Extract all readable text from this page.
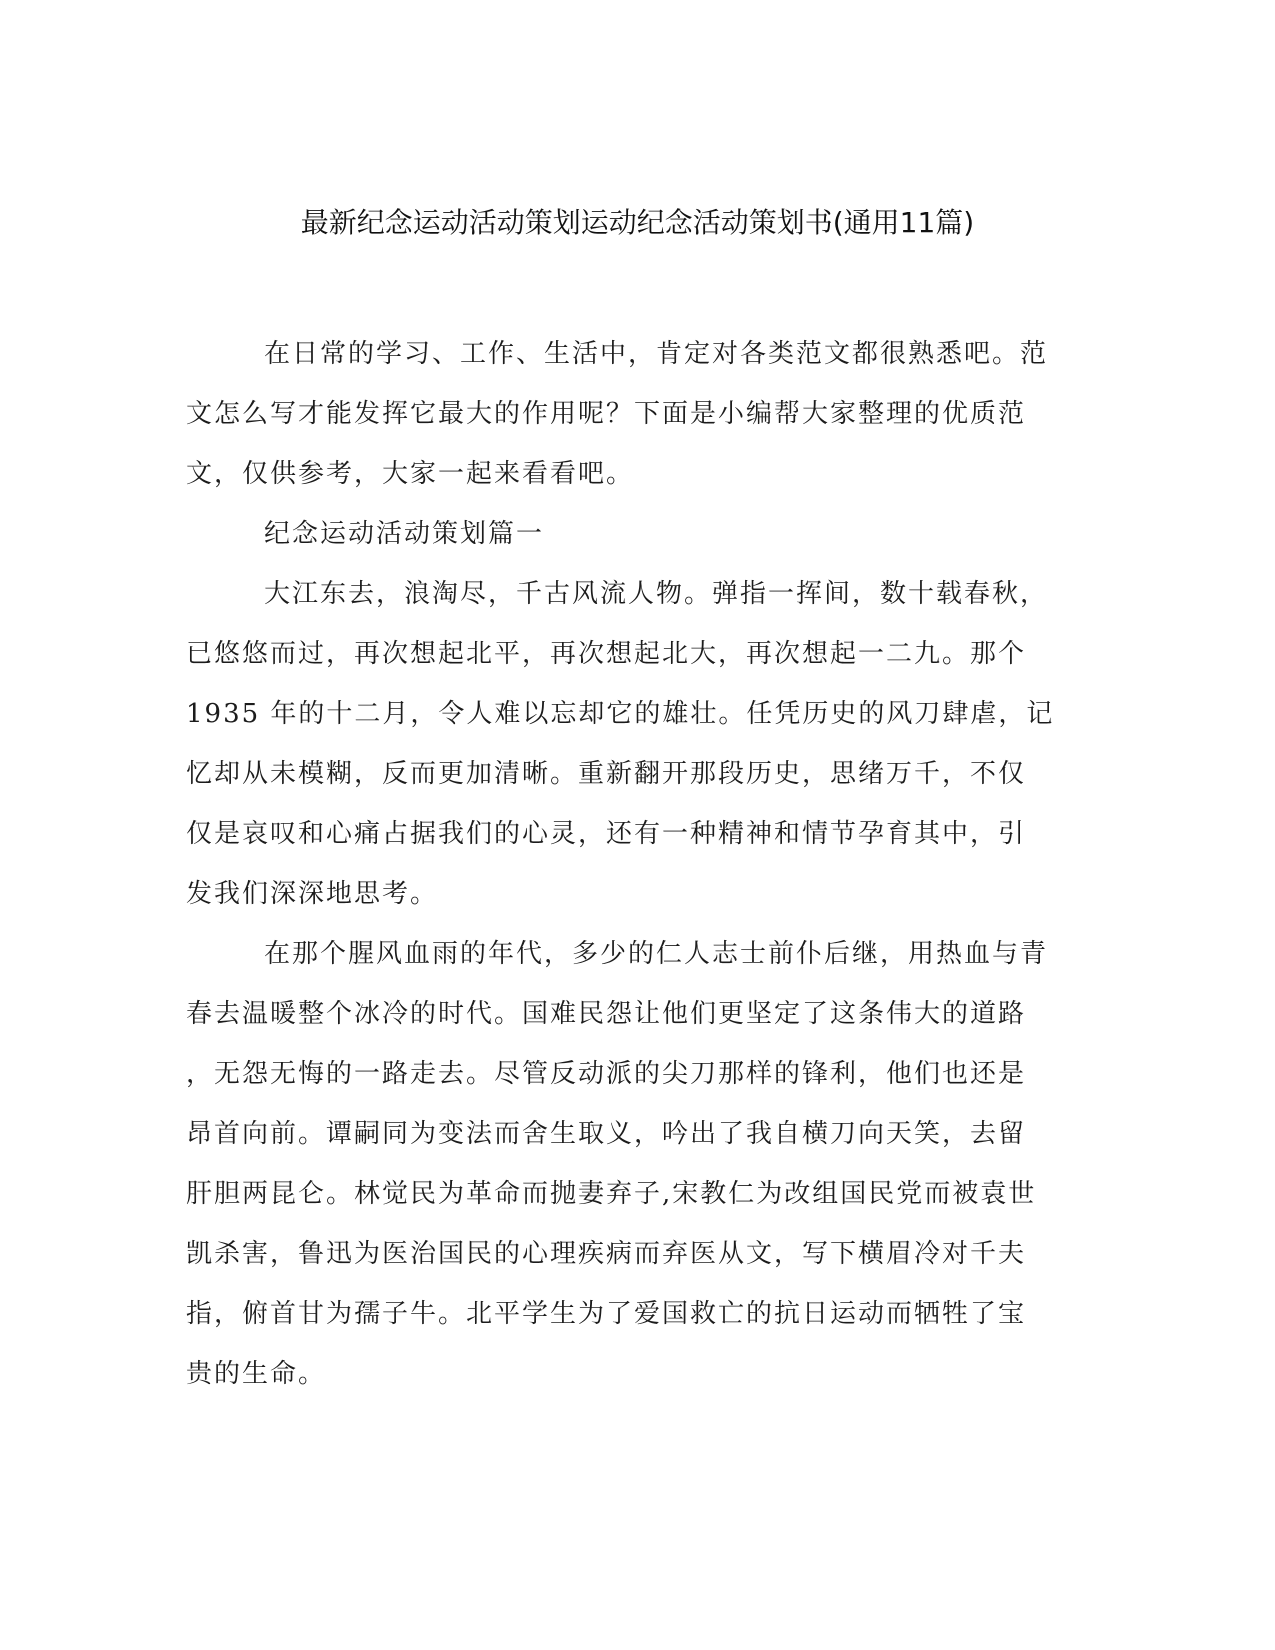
最新纪念运动活动策划运动纪念活动策划书(通用11篇)
在日常的学习、工作、生活中，肯定对各类范文都很熟悉吧。范
文怎么写才能发挥它最大的作用呢？下面是小编帮大家整理的优质范
文，仅供参考，大家一起来看看吧。
纪念运动活动策划篇一
大江东去，浪淘尽，千古风流人物。弹指一挥间，数十载春秋，
已悠悠而过，再次想起北平，再次想起北大，再次想起一二九。那个
1935 年的十二月，令人难以忘却它的雄壮。任凭历史的风刀肆虐，记
忆却从未模糊，反而更加清晰。重新翻开那段历史，思绪万千，不仅
仅是哀叹和心痛占据我们的心灵，还有一种精神和情节孕育其中，引
发我们深深地思考。
在那个腥风血雨的年代，多少的仁人志士前仆后继，用热血与青
春去温暖整个冰冷的时代。国难民怨让他们更坚定了这条伟大的道路
，无怨无悔的一路走去。尽管反动派的尖刀那样的锋利，他们也还是
昂首向前。谭嗣同为变法而舍生取义，吟出了我自横刀向天笑，去留
肝胆两昆仑。林觉民为革命而抛妻弃子,宋教仁为改组国民党而被袁世
凯杀害，鲁迅为医治国民的心理疾病而弃医从文，写下横眉冷对千夫
指，俯首甘为孺子牛。北平学生为了爱国救亡的抗日运动而牺牲了宝
贵的生命。
